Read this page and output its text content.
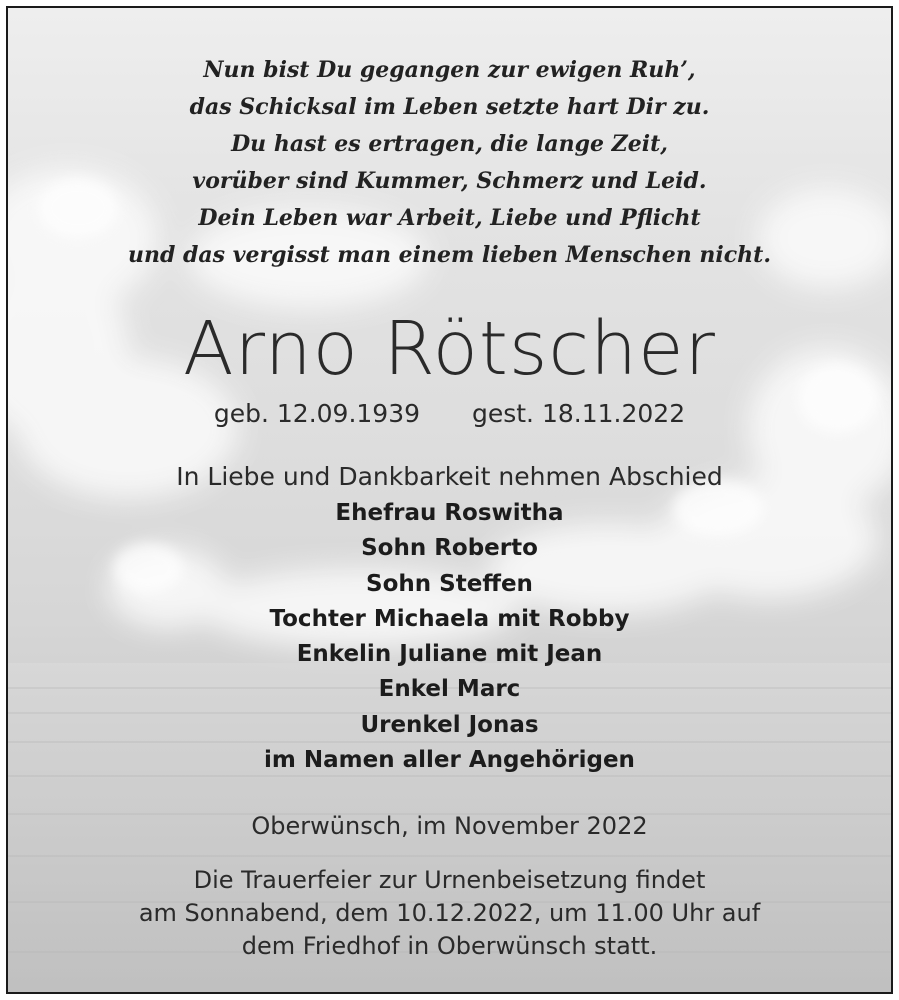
Nun bist Du gegangen zur ewigen Ruh’,
das Schicksal im Leben setzte hart Dir zu.
Du hast es ertragen, die lange Zeit,
vorüber sind Kummer, Schmerz und Leid.
Dein Leben war Arbeit, Liebe und Pflicht
und das vergisst man einem lieben Menschen nicht.
Arno Rötscher
geb. 12.09.1939 gest. 18.11.2022
In Liebe und Dankbarkeit nehmen Abschied
Ehefrau Roswitha
Sohn Roberto
Sohn Steffen
Tochter Michaela mit Robby
Enkelin Juliane mit Jean
Enkel Marc
Urenkel Jonas
im Namen aller Angehörigen
Oberwünsch, im November 2022
Die Trauerfeier zur Urnenbeisetzung findet
am Sonnabend, dem 10.12.2022, um 11.00 Uhr auf
dem Friedhof in Oberwünsch statt.
